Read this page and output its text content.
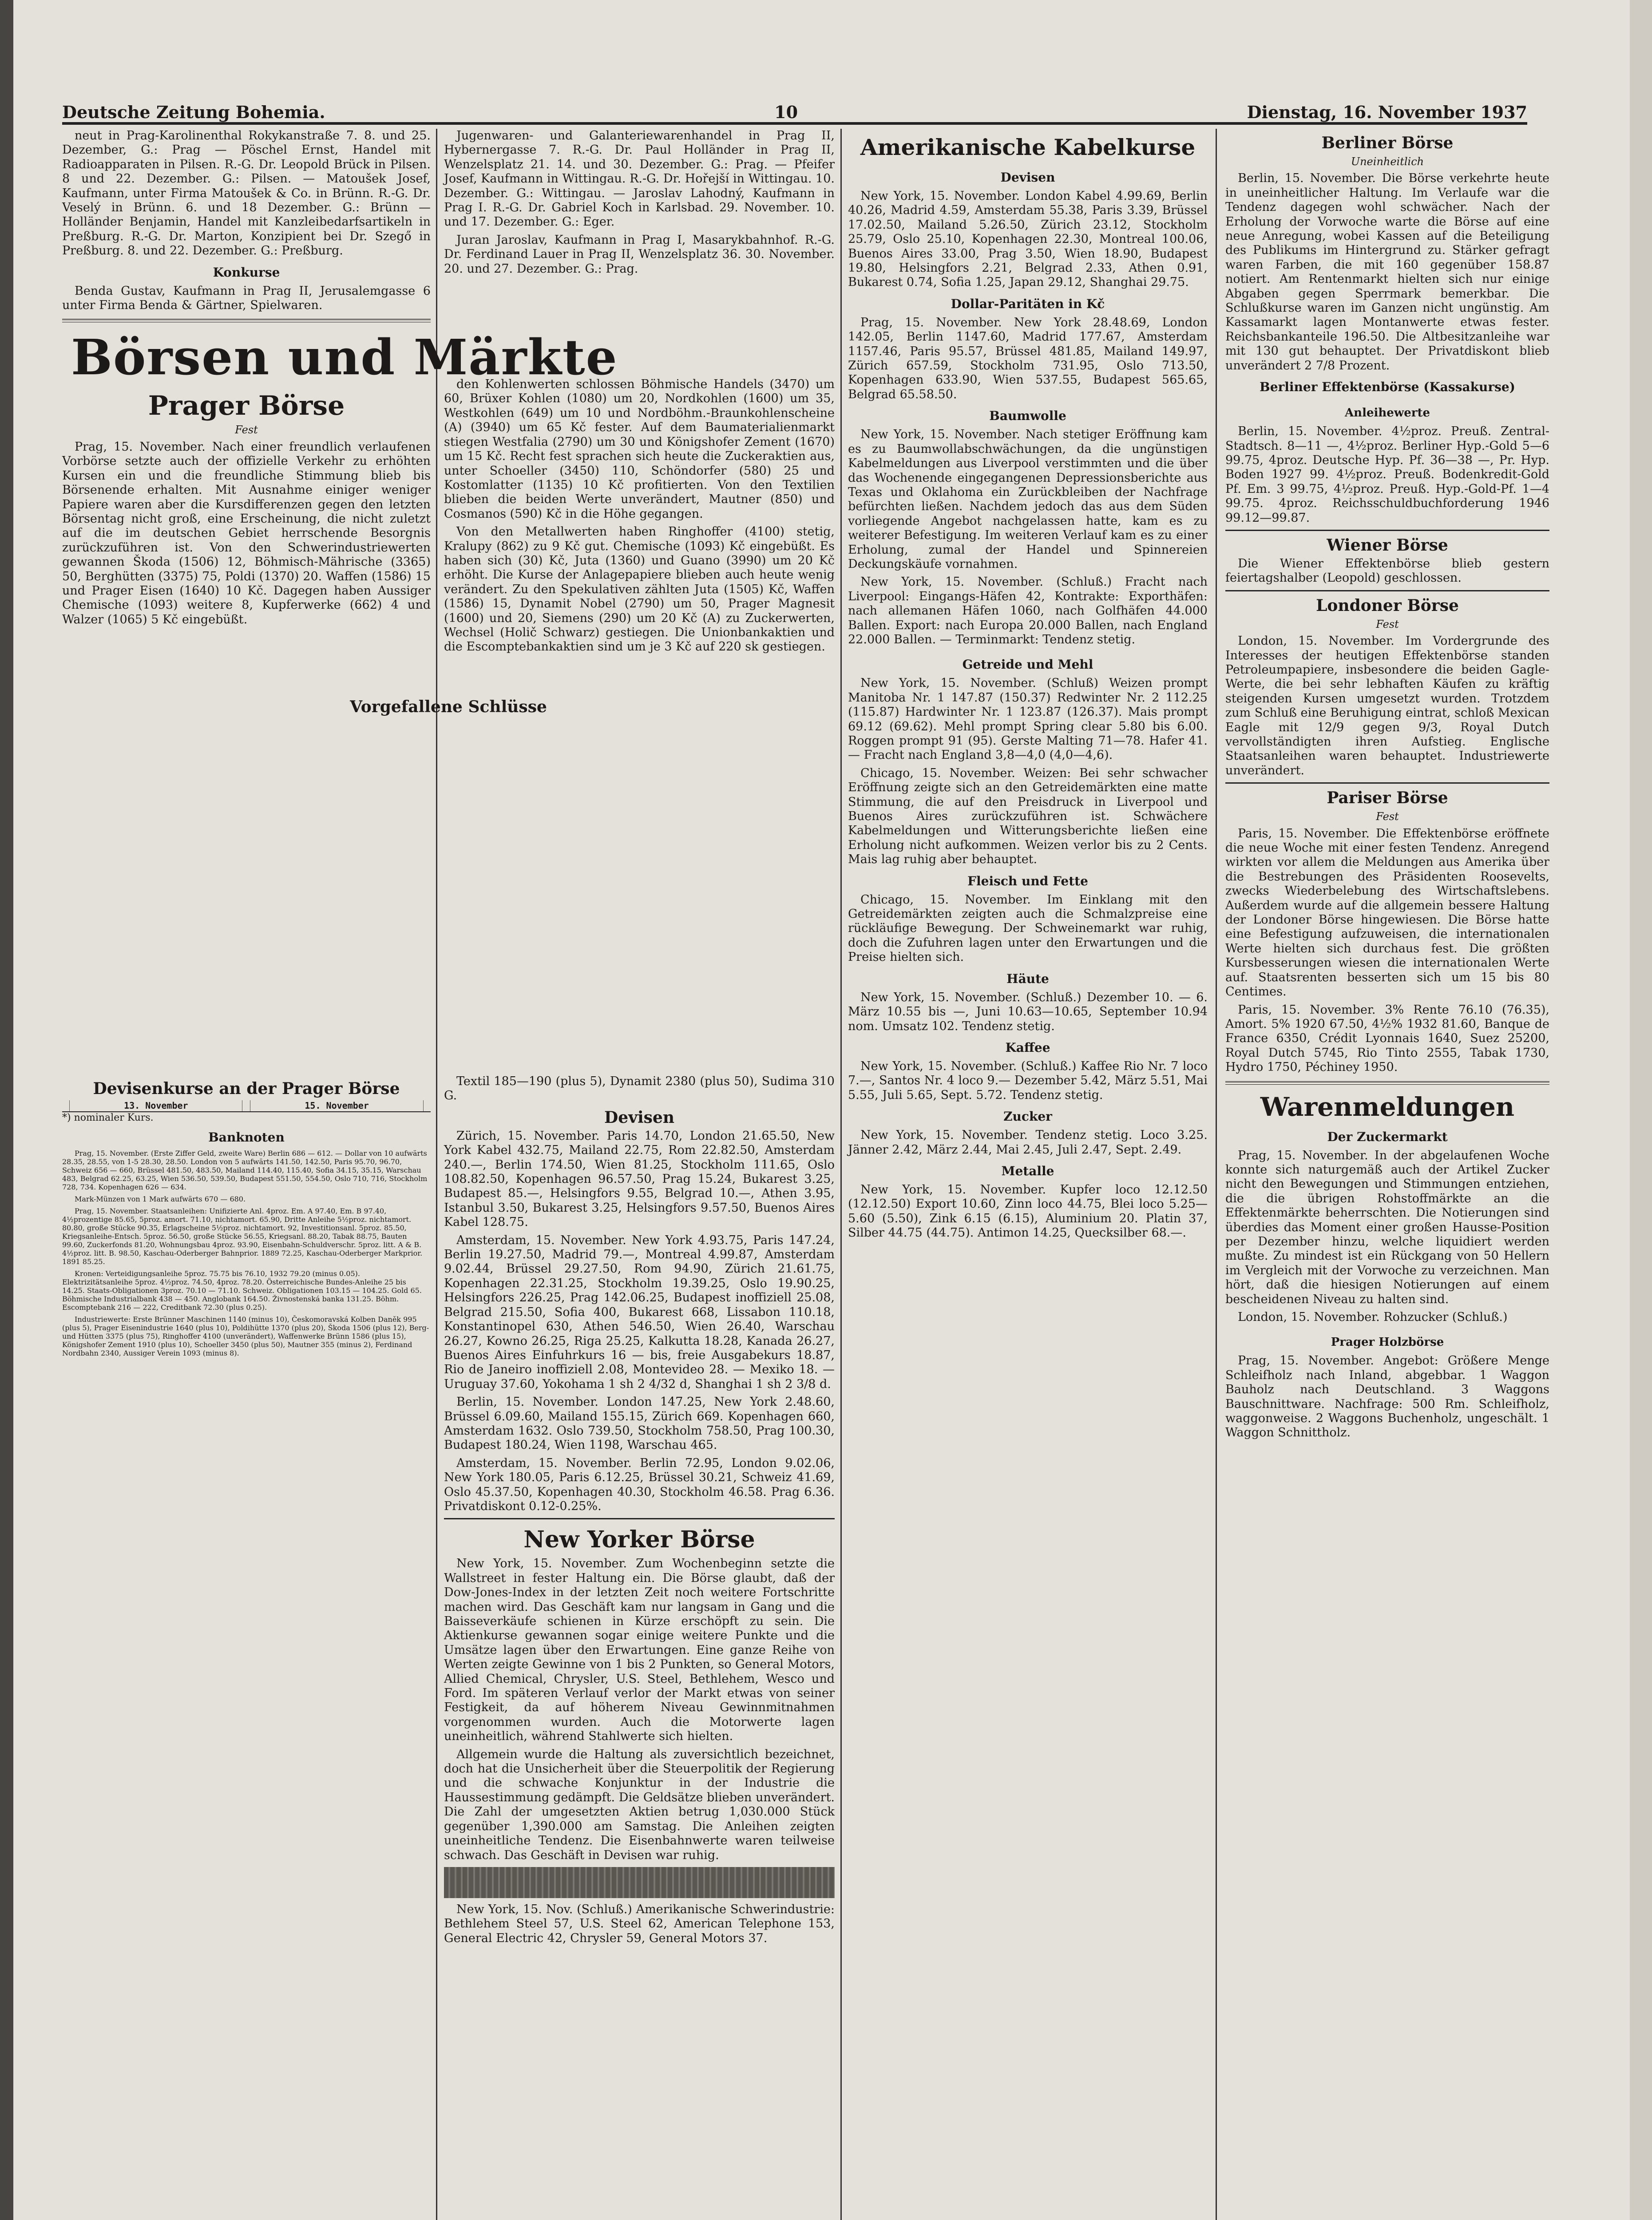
Deutsche Zeitung Bohemia.	10	Dienstag, 16. November 1937

neut in Prag-Karolinenthal Rokykanstraße 7. 8. und 25. Dezember, G.: Prag — Pöschel Ernst, Handel mit Radioapparaten in Pilsen. R.-G. Dr. Leopold Brück in Pilsen. 8 und 22. Dezember. G.: Pilsen. — Matoušek Josef, Kaufmann, unter Firma Matoušek & Co. in Brünn. R.-G. Dr. Veselý in Brünn. 6. und 18 Dezember. G.: Brünn — Holländer Benjamin, Handel mit Kanzleibedarfsartikeln in Preßburg. R.-G. Dr. Marton, Konzipient bei Dr. Szegő in Preßburg. 8. und 22. Dezember. G.: Preßburg.

Konkurse

Benda Gustav, Kaufmann in Prag II, Jerusalemgasse 6 unter Firma Benda & Gärtner, Spielwaren.

Börsen und Märkte
Prager Börse
Fest

Prag, 15. November. Nach einer freundlich verlaufenen Vorbörse setzte auch der offizielle Verkehr zu erhöhten Kursen ein und die freundliche Stimmung blieb bis Börsenende erhalten. Mit Ausnahme einiger weniger Papiere waren aber die Kursdifferenzen gegen den letzten Börsentag nicht groß, eine Erscheinung, die nicht zuletzt auf die im deutschen Gebiet herrschende Besorgnis zurückzuführen ist. Von den Schwerindustriewerten gewannen Škoda (1506) 12, Böhmisch-Mährische (3365) 50, Berghütten (3375) 75, Poldi (1370) 20. Waffen (1586) 15 und Prager Eisen (1640) 10 Kč. Dagegen haben Aussiger Chemische (1093) weitere 8, Kupferwerke (662) 4 und Walzer (1065) 5 Kč eingebüßt.

Jugenwaren- und Galanteriewarenhandel in Prag II, Hybernergasse 7. R.-G. Dr. Paul Holländer in Prag II, Wenzelsplatz 21. 14. und 30. Dezember. G.: Prag. — Pfeifer Josef, Kaufmann in Wittingau. R.-G. Dr. Hořejší in Wittingau. 10. Dezember. G.: Wittingau. — Jaroslav Lahodný, Kaufmann in Prag I. R.-G. Dr. Gabriel Koch in Karlsbad. 29. November. 10. und 17. Dezember. G.: Eger.

Juran Jaroslav, Kaufmann in Prag I, Masarykbahnhof. R.-G. Dr. Ferdinand Lauer in Prag II, Wenzelsplatz 36. 30. November. 20. und 27. Dezember. G.: Prag.

den Kohlenwerten schlossen Böhmische Handels (3470) um 60, Brüxer Kohlen (1080) um 20, Nordkohlen (1600) um 35, Westkohlen (649) um 10 und Nordböhm.-Braunkohlenscheine (A) (3940) um 65 Kč fester. Auf dem Baumaterialienmarkt stiegen Westfalia (2790) um 30 und Königshofer Zement (1670) um 15 Kč. Recht fest sprachen sich heute die Zuckeraktien aus, unter Schoeller (3450) 110, Schöndorfer (580) 25 und Kostomlatter (1135) 10 Kč profitierten. Von den Textilien blieben die beiden Werte unverändert, Mautner (850) und Cosmanos (590) Kč in die Höhe gegangen.

Von den Metallwerten haben Ringhoffer (4100) stetig, Kralupy (862) zu 9 Kč gut. Chemische (1093) Kč eingebüßt. Es haben sich (30) Kč, Juta (1360) und Guano (3990) um 20 Kč erhöht. Die Kurse der Anlagepapiere blieben auch heute wenig verändert. Zu den Spekulativen zählten Juta (1505) Kč, Waffen (1586) 15, Dynamit Nobel (2790) um 50, Prager Magnesit (1600) und 20, Siemens (290) um 20 Kč (A) zu Zuckerwerten, Wechsel (Holič Schwarz) gestiegen. Die Unionbankaktien und die Escomptebankaktien sind um je 3 Kč auf 220 sk gestiegen.

Vorgefallene Schlüsse
Devisenkurse an der Prager Börse
	13. November		15. November	
*) nominaler Kurs.
Banknoten

Prag, 15. November. (Erste Ziffer Geld, zweite Ware) Berlin 686 — 612. — Dollar von 10 aufwärts 28.35, 28.55, von 1-5 28.30, 28.50. London von 5 aufwärts 141.50, 142.50, Paris 95.70, 96.70, Schweiz 656 — 660, Brüssel 481.50, 483.50, Mailand 114.40, 115.40, Sofia 34.15, 35.15, Warschau 483, Belgrad 62.25, 63.25, Wien 536.50, 539.50, Budapest 551.50, 554.50, Oslo 710, 716, Stockholm 728, 734. Kopenhagen 626 — 634.

Mark-Münzen von 1 Mark aufwärts 670 — 680.

Prag, 15. November. Staatsanleihen: Unifizierte Anl. 4proz. Em. A 97.40, Em. B 97.40, 4½prozentige 85.65, 5proz. amort. 71.10, nichtamort. 65.90, Dritte Anleihe 5½proz. nichtamort. 80.80, große Stücke 90.35, Erlagscheine 5½proz. nichtamort. 92, Investitionsanl. 5proz. 85.50, Kriegsanleihe-Entsch. 5proz. 56.50, große Stücke 56.55, Kriegsanl. 88.20, Tabak 88.75, Bauten 99.60, Zuckerfonds 81.20, Wohnungsbau 4proz. 93.90, Eisenbahn-Schuldverschr. 5proz. litt. A & B. 4½proz. litt. B. 98.50, Kaschau-Oderberger Bahnprior. 1889 72.25, Kaschau-Oderberger Markprior. 1891 85.25.

Kronen: Verteidigungsanleihe 5proz. 75.75 bis 76.10, 1932 79.20 (minus 0.05). Elektrizitätsanleihe 5proz. 4½proz. 74.50, 4proz. 78.20. Österreichische Bundes-Anleihe 25 bis 14.25. Staats-Obligationen 3proz. 70.10 — 71.10. Schweiz. Obligationen 103.15 — 104.25. Gold 65. Böhmische Industrialbank 438 — 450. Anglobank 164.50. Živnostenská banka 131.25. Böhm. Escomptebank 216 — 222, Creditbank 72.30 (plus 0.25).

Industriewerte: Erste Brünner Maschinen 1140 (minus 10), Českomoravská Kolben Daněk 995 (plus 5), Prager Eisenindustrie 1640 (plus 10), Poldihütte 1370 (plus 20), Škoda 1506 (plus 12), Berg- und Hütten 3375 (plus 75), Ringhoffer 4100 (unverändert), Waffenwerke Brünn 1586 (plus 15), Königshofer Zement 1910 (plus 10), Schoeller 3450 (plus 50), Mautner 355 (minus 2), Ferdinand Nordbahn 2340, Aussiger Verein 1093 (minus 8).

Textil 185—190 (plus 5), Dynamit 2380 (plus 50), Sudima 310 G.

Devisen

Zürich, 15. November. Paris 14.70, London 21.65.50, New York Kabel 432.75, Mailand 22.75, Rom 22.82.50, Amsterdam 240.—, Berlin 174.50, Wien 81.25, Stockholm 111.65, Oslo 108.82.50, Kopenhagen 96.57.50, Prag 15.24, Bukarest 3.25, Budapest 85.—, Helsingfors 9.55, Belgrad 10.—, Athen 3.95, Istanbul 3.50, Bukarest 3.25, Helsingfors 9.57.50, Buenos Aires Kabel 128.75.

Amsterdam, 15. November. New York 4.93.75, Paris 147.24, Berlin 19.27.50, Madrid 79.—, Montreal 4.99.87, Amsterdam 9.02.44, Brüssel 29.27.50, Rom 94.90, Zürich 21.61.75, Kopenhagen 22.31.25, Stockholm 19.39.25, Oslo 19.90.25, Helsingfors 226.25, Prag 142.06.25, Budapest inoffiziell 25.08, Belgrad 215.50, Sofia 400, Bukarest 668, Lissabon 110.18, Konstantinopel 630, Athen 546.50, Wien 26.40, Warschau 26.27, Kowno 26.25, Riga 25.25, Kalkutta 18.28, Kanada 26.27, Buenos Aires Einfuhrkurs 16 — bis, freie Ausgabekurs 18.87, Rio de Janeiro inoffiziell 2.08, Montevideo 28. — Mexiko 18. — Uruguay 37.60, Yokohama 1 sh 2 4/32 d, Shanghai 1 sh 2 3/8 d.

Berlin, 15. November. London 147.25, New York 2.48.60, Brüssel 6.09.60, Mailand 155.15, Zürich 669. Kopenhagen 660, Amsterdam 1632. Oslo 739.50, Stockholm 758.50, Prag 100.30, Budapest 180.24, Wien 1198, Warschau 465.

Amsterdam, 15. November. Berlin 72.95, London 9.02.06, New York 180.05, Paris 6.12.25, Brüssel 30.21, Schweiz 41.69, Oslo 45.37.50, Kopenhagen 40.30, Stockholm 46.58. Prag 6.36. Privatdiskont 0.12-0.25%.

New Yorker Börse

New York, 15. November. Zum Wochenbeginn setzte die Wallstreet in fester Haltung ein. Die Börse glaubt, daß der Dow-Jones-Index in der letzten Zeit noch weitere Fortschritte machen wird. Das Geschäft kam nur langsam in Gang und die Baisseverkäufe schienen in Kürze erschöpft zu sein. Die Aktienkurse gewannen sogar einige weitere Punkte und die Umsätze lagen über den Erwartungen. Eine ganze Reihe von Werten zeigte Gewinne von 1 bis 2 Punkten, so General Motors, Allied Chemical, Chrysler, U.S. Steel, Bethlehem, Wesco und Ford. Im späteren Verlauf verlor der Markt etwas von seiner Festigkeit, da auf höherem Niveau Gewinnmitnahmen vorgenommen wurden. Auch die Motorwerte lagen uneinheitlich, während Stahlwerte sich hielten.

Allgemein wurde die Haltung als zuversichtlich bezeichnet, doch hat die Unsicherheit über die Steuerpolitik der Regierung und die schwache Konjunktur in der Industrie die Haussestimmung gedämpft. Die Geldsätze blieben unverändert. Die Zahl der umgesetzten Aktien betrug 1,030.000 Stück gegenüber 1,390.000 am Samstag. Die Anleihen zeigten uneinheitliche Tendenz. Die Eisenbahnwerte waren teilweise schwach. Das Geschäft in Devisen war ruhig.

New York, 15. Nov. (Schluß.) Amerikanische Schwerindustrie: Bethlehem Steel 57, U.S. Steel 62, American Telephone 153, General Electric 42, Chrysler 59, General Motors 37.

Amerikanische Kabelkurse
Devisen

New York, 15. November. London Kabel 4.99.69, Berlin 40.26, Madrid 4.59, Amsterdam 55.38, Paris 3.39, Brüssel 17.02.50, Mailand 5.26.50, Zürich 23.12, Stockholm 25.79, Oslo 25.10, Kopenhagen 22.30, Montreal 100.06, Buenos Aires 33.00, Prag 3.50, Wien 18.90, Budapest 19.80, Helsingfors 2.21, Belgrad 2.33, Athen 0.91, Bukarest 0.74, Sofia 1.25, Japan 29.12, Shanghai 29.75.

Dollar-Paritäten in Kč

Prag, 15. November. New York 28.48.69, London 142.05, Berlin 1147.60, Madrid 177.67, Amsterdam 1157.46, Paris 95.57, Brüssel 481.85, Mailand 149.97, Zürich 657.59, Stockholm 731.95, Oslo 713.50, Kopenhagen 633.90, Wien 537.55, Budapest 565.65, Belgrad 65.58.50.

Baumwolle

New York, 15. November. Nach stetiger Eröffnung kam es zu Baumwollabschwächungen, da die ungünstigen Kabelmeldungen aus Liverpool verstimmten und die über das Wochenende eingegangenen Depressionsberichte aus Texas und Oklahoma ein Zurückbleiben der Nachfrage befürchten ließen. Nachdem jedoch das aus dem Süden vorliegende Angebot nachgelassen hatte, kam es zu weiterer Befestigung. Im weiteren Verlauf kam es zu einer Erholung, zumal der Handel und Spinnereien Deckungskäufe vornahmen.

New York, 15. November. (Schluß.) Fracht nach Liverpool: Eingangs-Häfen 42, Kontrakte: Exporthäfen: nach allemanen Häfen 1060, nach Golfhäfen 44.000 Ballen. Export: nach Europa 20.000 Ballen, nach England 22.000 Ballen. — Terminmarkt: Tendenz stetig.

Getreide und Mehl

New York, 15. November. (Schluß) Weizen prompt Manitoba Nr. 1 147.87 (150.37) Redwinter Nr. 2 112.25 (115.87) Hardwinter Nr. 1 123.87 (126.37). Mais prompt 69.12 (69.62). Mehl prompt Spring clear 5.80 bis 6.00. Roggen prompt 91 (95). Gerste Malting 71—78. Hafer 41. — Fracht nach England 3,8—4,0 (4,0—4,6).

Chicago, 15. November. Weizen: Bei sehr schwacher Eröffnung zeigte sich an den Getreidemärkten eine matte Stimmung, die auf den Preisdruck in Liverpool und Buenos Aires zurückzuführen ist. Schwächere Kabelmeldungen und Witterungsberichte ließen eine Erholung nicht aufkommen. Weizen verlor bis zu 2 Cents. Mais lag ruhig aber behauptet.

Fleisch und Fette

Chicago, 15. November. Im Einklang mit den Getreidemärkten zeigten auch die Schmalzpreise eine rückläufige Bewegung. Der Schweinemarkt war ruhig, doch die Zufuhren lagen unter den Erwartungen und die Preise hielten sich.

Häute

New York, 15. November. (Schluß.) Dezember 10. — 6. März 10.55 bis —, Juni 10.63—10.65, September 10.94 nom. Umsatz 102. Tendenz stetig.

Kaffee

New York, 15. November. (Schluß.) Kaffee Rio Nr. 7 loco 7.—, Santos Nr. 4 loco 9.— Dezember 5.42, März 5.51, Mai 5.55, Juli 5.65, Sept. 5.72. Tendenz stetig.

Zucker

New York, 15. November. Tendenz stetig. Loco 3.25. Jänner 2.42, März 2.44, Mai 2.45, Juli 2.47, Sept. 2.49.

Metalle

New York, 15. November. Kupfer loco 12.12.50 (12.12.50) Export 10.60, Zinn loco 44.75, Blei loco 5.25—5.60 (5.50), Zink 6.15 (6.15), Aluminium 20. Platin 37, Silber 44.75 (44.75). Antimon 14.25, Quecksilber 68.—.

Berliner Börse
Uneinheitlich

Berlin, 15. November. Die Börse verkehrte heute in uneinheitlicher Haltung. Im Verlaufe war die Tendenz dagegen wohl schwächer. Nach der Erholung der Vorwoche warte die Börse auf eine neue Anregung, wobei Kassen auf die Beteiligung des Publikums im Hintergrund zu. Stärker gefragt waren Farben, die mit 160 gegenüber 158.87 notiert. Am Rentenmarkt hielten sich nur einige Abgaben gegen Sperrmark bemerkbar. Die Schlußkurse waren im Ganzen nicht ungünstig. Am Kassamarkt lagen Montanwerte etwas fester. Reichsbankanteile 196.50. Die Altbesitzanleihe war mit 130 gut behauptet. Der Privatdiskont blieb unverändert 2 7/8 Prozent.

Berliner Effektenbörse (Kassakurse)
Anleihewerte

Berlin, 15. November. 4½proz. Preuß. Zentral-Stadtsch. 8—11 —, 4½proz. Berliner Hyp.-Gold 5—6 99.75, 4proz. Deutsche Hyp. Pf. 36—38 —, Pr. Hyp. Boden 1927 99. 4½proz. Preuß. Bodenkredit-Gold Pf. Em. 3 99.75, 4½proz. Preuß. Hyp.-Gold-Pf. 1—4 99.75. 4proz. Reichsschuldbuchforderung 1946 99.12—99.87.

Wiener Börse

Die Wiener Effektenbörse blieb gestern feiertagshalber (Leopold) geschlossen.

Londoner Börse
Fest

London, 15. November. Im Vordergrunde des Interesses der heutigen Effektenbörse standen Petroleumpapiere, insbesondere die beiden Gagle-Werte, die bei sehr lebhaften Käufen zu kräftig steigenden Kursen umgesetzt wurden. Trotzdem zum Schluß eine Beruhigung eintrat, schloß Mexican Eagle mit 12/9 gegen 9/3, Royal Dutch vervollständigten ihren Aufstieg. Englische Staatsanleihen waren behauptet. Industriewerte unverändert.

Pariser Börse
Fest

Paris, 15. November. Die Effektenbörse eröffnete die neue Woche mit einer festen Tendenz. Anregend wirkten vor allem die Meldungen aus Amerika über die Bestrebungen des Präsidenten Roosevelts, zwecks Wiederbelebung des Wirtschaftslebens. Außerdem wurde auf die allgemein bessere Haltung der Londoner Börse hingewiesen. Die Börse hatte eine Befestigung aufzuweisen, die internationalen Werte hielten sich durchaus fest. Die größten Kursbesserungen wiesen die internationalen Werte auf. Staatsrenten besserten sich um 15 bis 80 Centimes.

Paris, 15. November. 3% Rente 76.10 (76.35), Amort. 5% 1920 67.50, 4½% 1932 81.60, Banque de France 6350, Crédit Lyonnais 1640, Suez 25200, Royal Dutch 5745, Rio Tinto 2555, Tabak 1730, Hydro 1750, Péchiney 1950.

Warenmeldungen
Der Zuckermarkt

Prag, 15. November. In der abgelaufenen Woche konnte sich naturgemäß auch der Artikel Zucker nicht den Bewegungen und Stimmungen entziehen, die die übrigen Rohstoffmärkte an die Effektenmärkte beherrschten. Die Notierungen sind überdies das Moment einer großen Hausse-Position per Dezember hinzu, welche liquidiert werden mußte. Zu mindest ist ein Rückgang von 50 Hellern im Vergleich mit der Vorwoche zu verzeichnen. Man hört, daß die hiesigen Notierungen auf einem bescheidenen Niveau zu halten sind.

London, 15. November. Rohzucker (Schluß.)

Prager Holzbörse

Prag, 15. November. Angebot: Größere Menge Schleifholz nach Inland, abgebbar. 1 Waggon Bauholz nach Deutschland. 3 Waggons Bauschnittware. Nachfrage: 500 Rm. Schleifholz, waggonweise. 2 Waggons Buchenholz, ungeschält. 1 Waggon Schnittholz.
